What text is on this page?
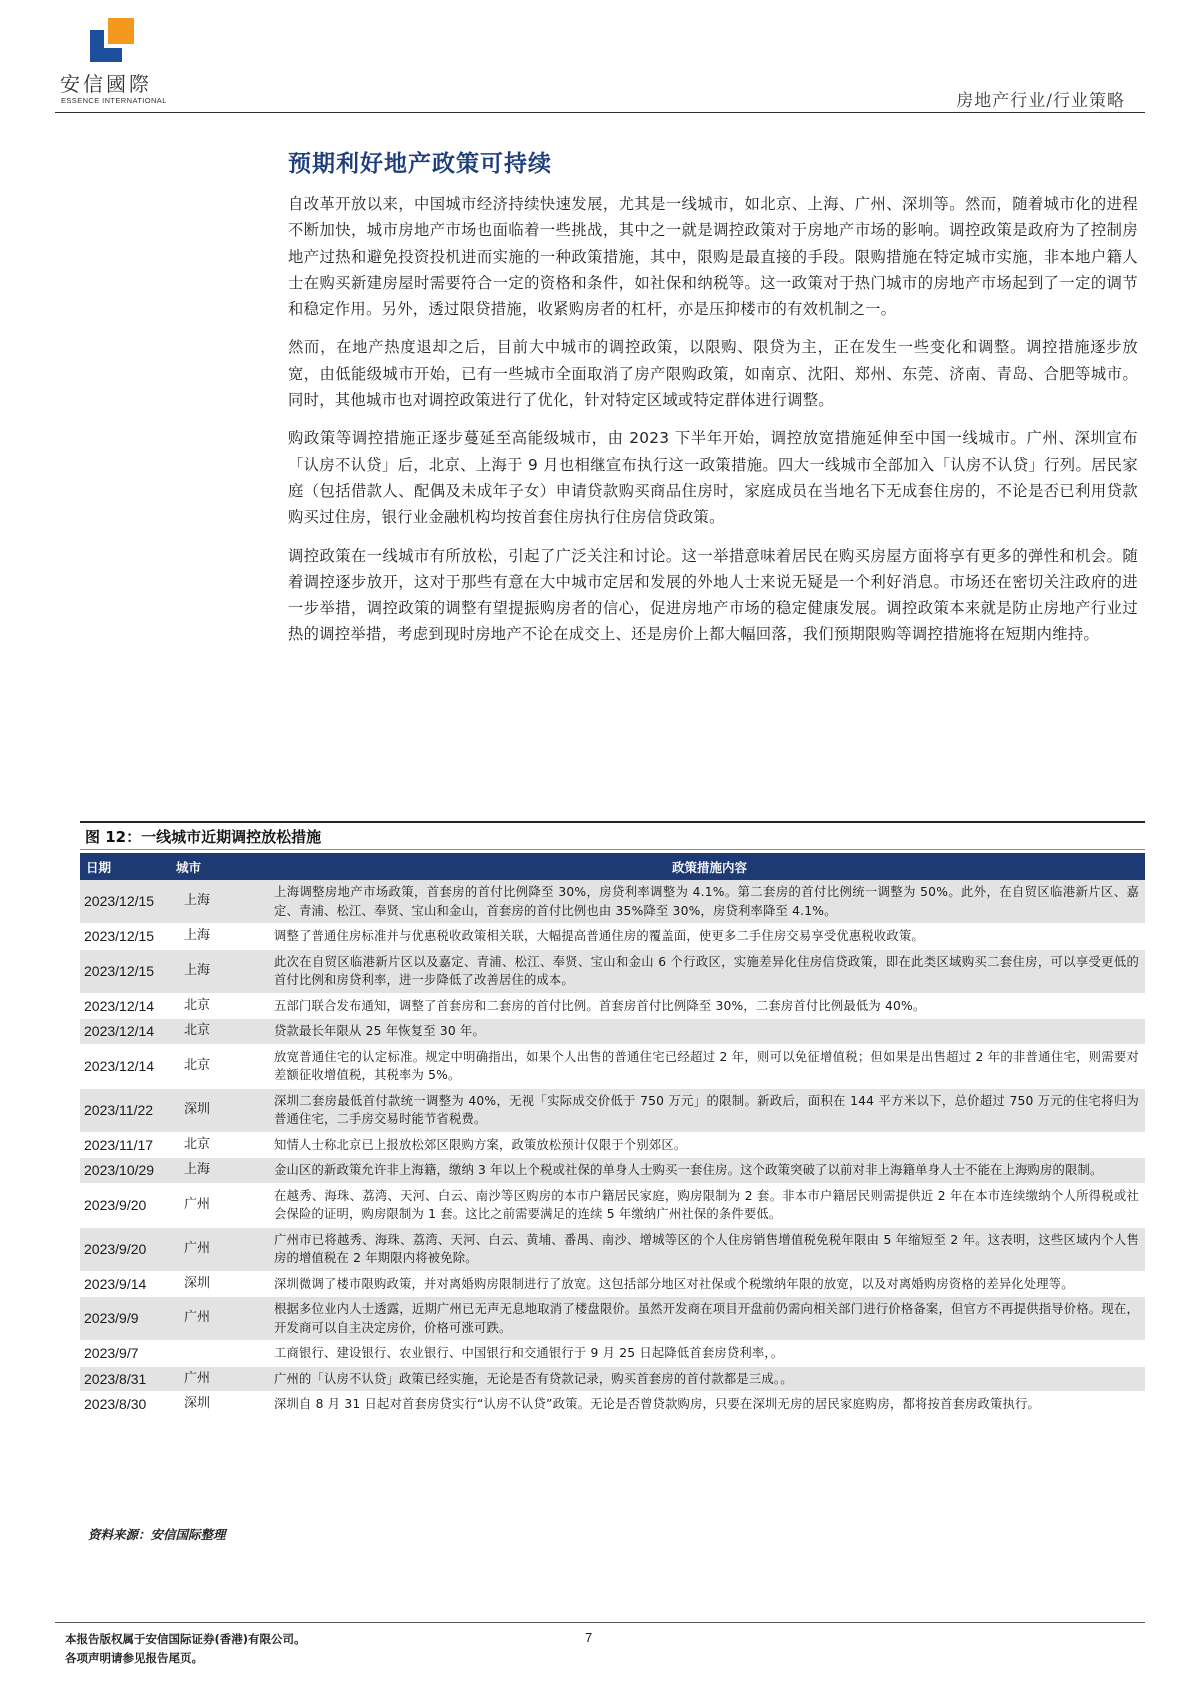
安信國際
ESSENCE INTERNATIONAL	房地产行业/行业策略
预期利好地产政策可持续

自改革开放以来，中国城市经济持续快速发展，尤其是一线城市，如北京、上海、广州、深圳等。然而，随着城市化的进程不断加快，城市房地产市场也面临着一些挑战，其中之一就是调控政策对于房地产市场的影响。调控政策是政府为了控制房地产过热和避免投资投机进而实施的一种政策措施，其中，限购是最直接的手段。限购措施在特定城市实施，非本地户籍人士在购买新建房屋时需要符合一定的资格和条件，如社保和纳税等。这一政策对于热门城市的房地产市场起到了一定的调节和稳定作用。另外，透过限贷措施，收紧购房者的杠杆，亦是压抑楼市的有效机制之一。

然而，在地产热度退却之后，目前大中城市的调控政策，以限购、限贷为主，正在发生一些变化和调整。调控措施逐步放宽，由低能级城市开始，已有一些城市全面取消了房产限购政策，如南京、沈阳、郑州、东莞、济南、青岛、合肥等城市。同时，其他城市也对调控政策进行了优化，针对特定区域或特定群体进行调整。

购政策等调控措施正逐步蔓延至高能级城市，由 2023 下半年开始，调控放宽措施延伸至中国一线城市。广州、深圳宣布「认房不认贷」后，北京、上海于 9 月也相继宣布执行这一政策措施。四大一线城市全部加入「认房不认贷」行列。居民家庭（包括借款人、配偶及未成年子女）申请贷款购买商品住房时，家庭成员在当地名下无成套住房的，不论是否已利用贷款购买过住房，银行业金融机构均按首套住房执行住房信贷政策。

调控政策在一线城市有所放松，引起了广泛关注和讨论。这一举措意味着居民在购买房屋方面将享有更多的弹性和机会。随着调控逐步放开，这对于那些有意在大中城市定居和发展的外地人士来说无疑是一个利好消息。市场还在密切关注政府的进一步举措，调控政策的调整有望提振购房者的信心，促进房地产市场的稳定健康发展。调控政策本来就是防止房地产行业过热的调控举措，考虑到现时房地产不论在成交上、还是房价上都大幅回落，我们预期限购等调控措施将在短期内维持。

图 12：一线城市近期调控放松措施
日期	城市	政策措施内容
2023/12/15	上海	上海调整房地产市场政策，首套房的首付比例降至 30%，房贷利率调整为 4.1%。第二套房的首付比例统一调整为 50%。此外，在自贸区临港新片区、嘉定、青浦、松江、奉贤、宝山和金山，首套房的首付比例也由 35%降至 30%，房贷利率降至 4.1%。
2023/12/15	上海	调整了普通住房标准并与优惠税收政策相关联，大幅提高普通住房的覆盖面，使更多二手住房交易享受优惠税收政策。
2023/12/15	上海	此次在自贸区临港新片区以及嘉定、青浦、松江、奉贤、宝山和金山 6 个行政区，实施差异化住房信贷政策，即在此类区域购买二套住房，可以享受更低的首付比例和房贷利率，进一步降低了改善居住的成本。
2023/12/14	北京	五部门联合发布通知，调整了首套房和二套房的首付比例。首套房首付比例降至 30%，二套房首付比例最低为 40%。
2023/12/14	北京	贷款最长年限从 25 年恢复至 30 年。
2023/12/14	北京	放宽普通住宅的认定标准。规定中明确指出，如果个人出售的普通住宅已经超过 2 年，则可以免征增值税；但如果是出售超过 2 年的非普通住宅，则需要对差额征收增值税，其税率为 5%。
2023/11/22	深圳	深圳二套房最低首付款统一调整为 40%，无视「实际成交价低于 750 万元」的限制。新政后，面积在 144 平方米以下，总价超过 750 万元的住宅将归为普通住宅，二手房交易时能节省税费。
2023/11/17	北京	知情人士称北京已上报放松郊区限购方案，政策放松预计仅限于个别郊区。
2023/10/29	上海	金山区的新政策允许非上海籍，缴纳 3 年以上个税或社保的单身人士购买一套住房。这个政策突破了以前对非上海籍单身人士不能在上海购房的限制。
2023/9/20	广州	在越秀、海珠、荔湾、天河、白云、南沙等区购房的本市户籍居民家庭，购房限制为 2 套。非本市户籍居民则需提供近 2 年在本市连续缴纳个人所得税或社会保险的证明，购房限制为 1 套。这比之前需要满足的连续 5 年缴纳广州社保的条件要低。
2023/9/20	广州	广州市已将越秀、海珠、荔湾、天河、白云、黄埔、番禺、南沙、增城等区的个人住房销售增值税免税年限由 5 年缩短至 2 年。这表明，这些区域内个人售房的增值税在 2 年期限内将被免除。
2023/9/14	深圳	深圳微调了楼市限购政策，并对离婚购房限制进行了放宽。这包括部分地区对社保或个税缴纳年限的放宽，以及对离婚购房资格的差异化处理等。
2023/9/9	广州	根据多位业内人士透露，近期广州已无声无息地取消了楼盘限价。虽然开发商在项目开盘前仍需向相关部门进行价格备案，但官方不再提供指导价格。现在，开发商可以自主决定房价，价格可涨可跌。
2023/9/7		工商银行、建设银行、农业银行、中国银行和交通银行于 9 月 25 日起降低首套房贷利率，。
2023/8/31	广州	广州的「认房不认贷」政策已经实施，无论是否有贷款记录，购买首套房的首付款都是三成。。
2023/8/30	深圳	深圳自 8 月 31 日起对首套房贷实行“认房不认贷”政策。无论是否曾贷款购房，只要在深圳无房的居民家庭购房，都将按首套房政策执行。
资料来源：安信国际整理
本报告版权属于安信国际证券(香港)有限公司。
各项声明请参见报告尾页。
7
